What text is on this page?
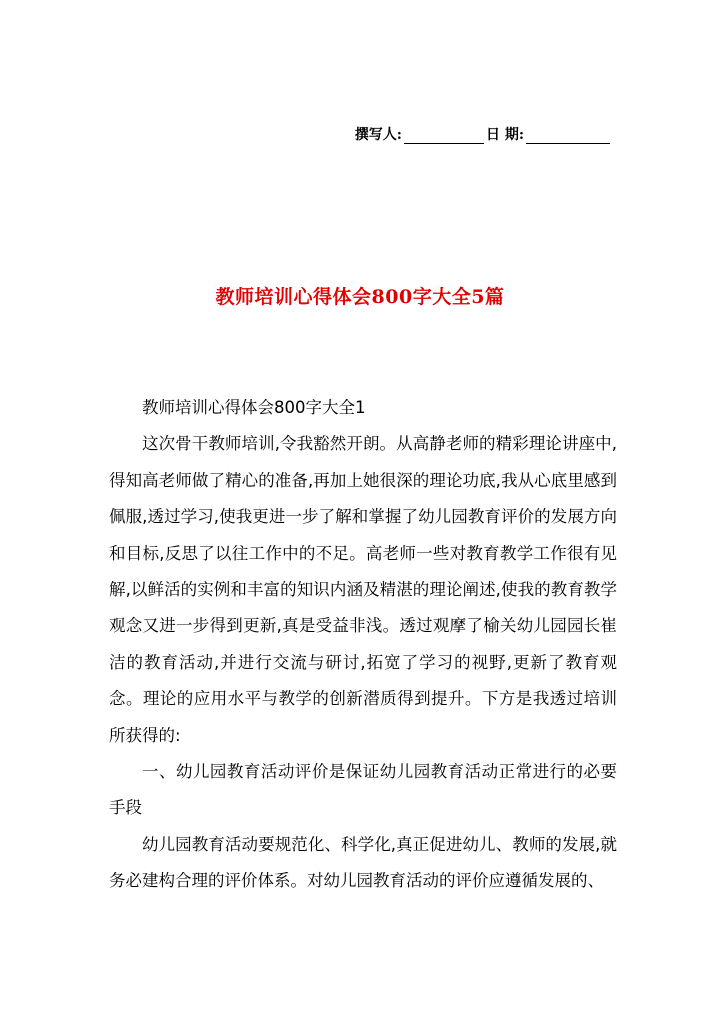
撰写人:	日 期:
教师培训心得体会800字大全5篇

教师培训心得体会800字大全1

这次骨干教师培训,令我豁然开朗。从高静老师的精彩理论讲座中,得知高老师做了精心的准备,再加上她很深的理论功底,我从心底里感到佩服,透过学习,使我更进一步了解和掌握了幼儿园教育评价的发展方向和目标,反思了以往工作中的不足。高老师一些对教育教学工作很有见解,以鲜活的实例和丰富的知识内涵及精湛的理论阐述,使我的教育教学观念又进一步得到更新,真是受益非浅。透过观摩了榆关幼儿园园长崔洁的教育活动,并进行交流与研讨,拓宽了学习的视野,更新了教育观念。理论的应用水平与教学的创新潜质得到提升。下方是我透过培训所获得的:

一、幼儿园教育活动评价是保证幼儿园教育活动正常进行的必要手段

幼儿园教育活动要规范化、科学化,真正促进幼儿、教师的发展,就务必建构合理的评价体系。对幼儿园教育活动的评价应遵循发展的、
